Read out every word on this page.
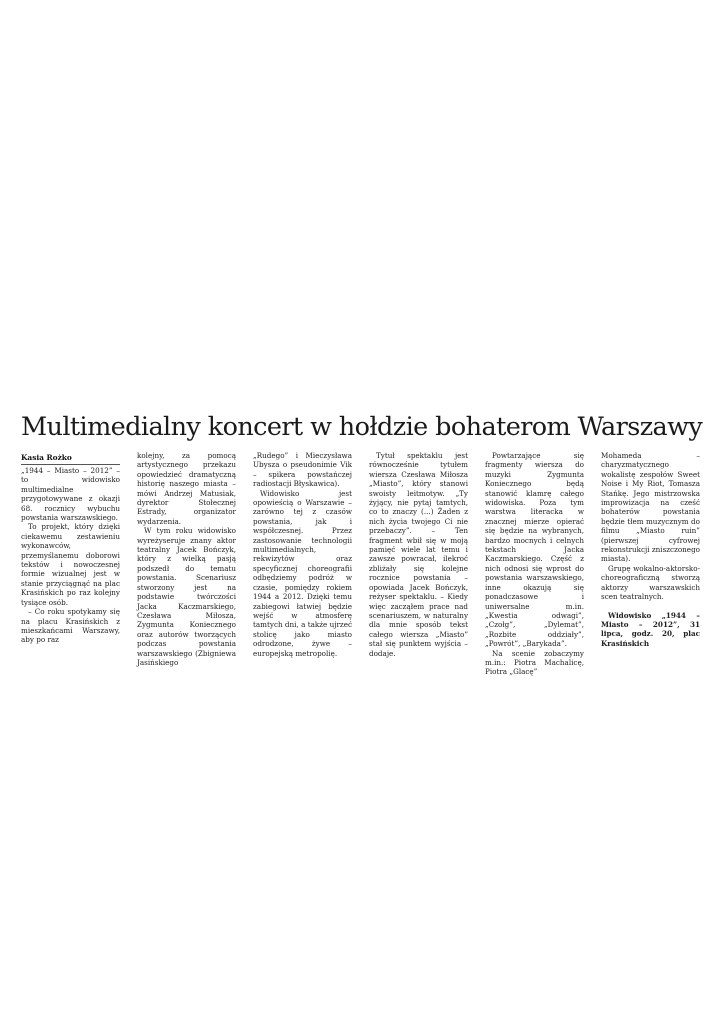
Multimedialny koncert w hołdzie bohaterom Warszawy
Kasia Rożko

„1944 – Miasto – 2012” – to widowisko multimedialne przygotowywane z okazji 68. rocznicy wybuchu powstania warszawskiego.

To projekt, który dzięki ciekawemu zestawieniu wykonawców, przemyślanemu doborowi tekstów i nowoczesnej formie wizualnej jest w stanie przyciągnąć na plac Krasińskich po raz kolejny tysiące osób.

– Co roku spotykamy się na placu Krasińskich z mieszkańcami Warszawy, aby po raz

kolejny, za pomocą artystycznego przekazu opowiedzieć dramatyczną historię naszego miasta – mówi Andrzej Matusiak, dyrektor Stołecznej Estrady, organizator wydarzenia.

W tym roku widowisko wyreżyseruje znany aktor teatralny Jacek Bończyk, który z wielką pasją podszedł do tematu powstania. Scenariusz stworzony jest na podstawie twórczości Jacka Kaczmarskiego, Czesława Miłosza, Zygmunta Koniecznego oraz autorów tworzących podczas powstania warszawskiego (Zbigniewa Jasińskiego

„Rudego” i Mieczysława Ubysza o pseudonimie Vik – spikera powstańczej radiostacji Błyskawica).

Widowisko jest opowieścią o Warszawie – zarówno tej z czasów powstania, jak i współczesnej. Przez zastosowanie technologii multimedialnych, rekwizytów oraz specyficznej choreografii odbędziemy podróż w czasie, pomiędzy rokiem 1944 a 2012. Dzięki temu zabiegowi łatwiej będzie wejść w atmosferę tamtych dni, a także ujrzeć stolicę jako miasto odrodzone, żywe – europejską metropolię.

Tytuł spektaklu jest równocześnie tytułem wiersza Czesława Miłosza „Miasto”, który stanowi swoisty leitmotyw. „Ty żyjący, nie pytaj tamtych, co to znaczy (...) Żaden z nich życia twojego Ci nie przebaczy”. – Ten fragment wbił się w moją pamięć wiele lat temu i zawsze powracał, ilekroć zbliżały się kolejne rocznice powstania – opowiada Jacek Bończyk, reżyser spektaklu. – Kiedy więc zacząłem prace nad scenariuszem, w naturalny dla mnie sposób tekst całego wiersza „Miasto” stał się punktem wyjścia – dodaje.

Powtarzające się fragmenty wiersza do muzyki Zygmunta Koniecznego będą stanowić klamrę całego widowiska. Poza tym warstwa literacka w znacznej mierze opierać się będzie na wybranych, bardzo mocnych i celnych tekstach Jacka Kaczmarskiego. Część z nich odnosi się wprost do powstania warszawskiego, inne okazują się ponadczasowe i uniwersalne m.in. „Kwestia odwagi”, „Czołg”, „Dylemat”, „Rozbite oddziały”, „Powrót”, „Barykada”.

Na scenie zobaczymy m.in.: Piotra Machalicę, Piotra „Glacę”

Mohameda – charyzmatycznego wokalistę zespołów Sweet Noise i My Riot, Tomasza Stańkę. Jego mistrzowska improwizacja na cześć bohaterów powstania będzie tłem muzycznym do filmu „Miasto ruin” (pierwszej cyfrowej rekonstrukcji zniszczonego miasta).

Grupę wokalno-aktorsko-choreograficzną stworzą aktorzy warszawskich scen teatralnych.

Widowisko „1944 – Miasto – 2012”, 31 lipca, godz. 20, plac Krasińskich
